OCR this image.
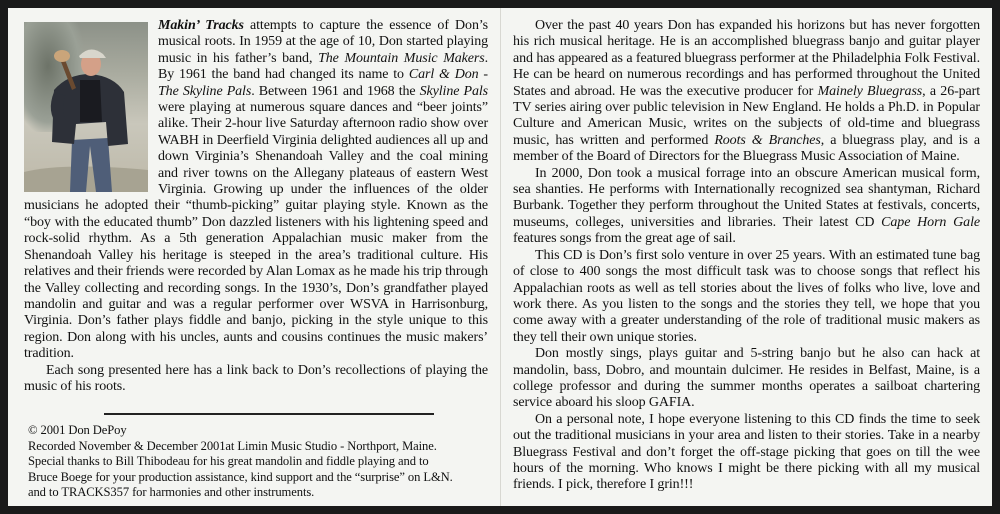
Makin’ Tracks attempts to capture the essence of Don’s musical roots. In 1959 at the age of 10, Don started playing music in his father’s band, The Mountain Music Makers. By 1961 the band had changed its name to Carl & Don - The Skyline Pals. Between 1961 and 1968 the Skyline Pals were playing at numerous square dances and “beer joints” alike. Their 2-hour live Saturday afternoon radio show over WABH in Deerfield Virginia delighted audiences all up and down Virginia’s Shenandoah Valley and the coal mining and river towns on the Allegany plateaus of eastern West Virginia. Growing up under the influences of the older musicians he adopted their “thumb-picking” guitar playing style. Known as the “boy with the educated thumb” Don dazzled listeners with his lightening speed and rock-solid rhythm. As a 5th generation Appalachian music maker from the Shenandoah Valley his heritage is steeped in the area’s traditional culture. His relatives and their friends were recorded by Alan Lomax as he made his trip through the Valley collecting and recording songs. In the 1930’s, Don’s grandfather played mandolin and guitar and was a regular performer over WSVA in Harrisonburg, Virginia. Don’s father plays fiddle and banjo, picking in the style unique to this region. Don along with his uncles, aunts and cousins continues the music makers’ tradition.

Each song presented here has a link back to Don’s recollections of playing the music of his roots.

© 2001 Don DePoy
Recorded November & December 2001at Limin Music Studio - Northport, Maine.
Special thanks to Bill Thibodeau for his great mandolin and fiddle playing and to
Bruce Boege for your production assistance, kind support and the “surprise” on L&N.
and to TRACKS357 for harmonies and other instruments.

Over the past 40 years Don has expanded his horizons but has never forgotten his rich musical heritage. He is an accomplished bluegrass banjo and guitar player and has appeared as a featured bluegrass performer at the Philadelphia Folk Festival. He can be heard on numerous recordings and has performed throughout the United States and abroad. He was the executive producer for Mainely Bluegrass, a 26-part TV series airing over public television in New England. He holds a Ph.D. in Popular Culture and American Music, writes on the subjects of old-time and bluegrass music, has written and performed Roots & Branches, a bluegrass play, and is a member of the Board of Directors for the Bluegrass Music Association of Maine.

In 2000, Don took a musical forrage into an obscure American musical form, sea shanties. He performs with Internationally recognized sea shantyman, Richard Burbank. Together they perform throughout the United States at festivals, concerts, museums, colleges, universities and libraries. Their latest CD Cape Horn Gale features songs from the great age of sail.

This CD is Don’s first solo venture in over 25 years. With an estimated tune bag of close to 400 songs the most difficult task was to choose songs that reflect his Appalachian roots as well as tell stories about the lives of folks who live, love and work there. As you listen to the songs and the stories they tell, we hope that you come away with a greater understanding of the role of traditional music makers as they tell their own unique stories.

Don mostly sings, plays guitar and 5-string banjo but he also can hack at mandolin, bass, Dobro, and mountain dulcimer. He resides in Belfast, Maine, is a college professor and during the summer months operates a sailboat chartering service aboard his sloop GAFIA.

On a personal note, I hope everyone listening to this CD finds the time to seek out the traditional musicians in your area and listen to their stories. Take in a nearby Bluegrass Festival and don’t forget the off-stage picking that goes on till the wee hours of the morning. Who knows I might be there picking with all my musical friends. I pick, therefore I grin!!!
